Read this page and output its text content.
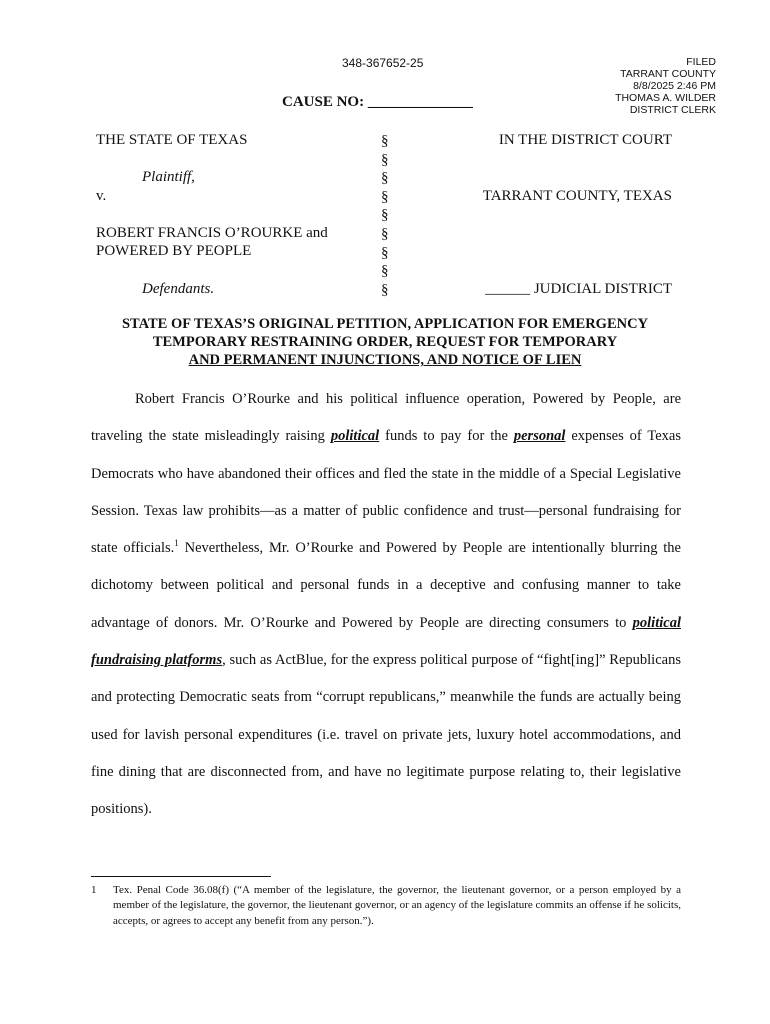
348-367652-25	FILED
TARRANT COUNTY
8/8/2025 2:46 PM
THOMAS A. WILDER
DISTRICT CLERK
CAUSE NO: ______________
THE STATE OF TEXAS
Plaintiff,
v.
ROBERT FRANCIS O’ROURKE and
POWERED BY PEOPLE
Defendants.
§
§
§
§
§
§
§
§
§
IN THE DISTRICT COURT
TARRANT COUNTY, TEXAS
______ JUDICIAL DISTRICT
STATE OF TEXAS’S ORIGINAL PETITION, APPLICATION FOR EMERGENCY
TEMPORARY RESTRAINING ORDER, REQUEST FOR TEMPORARY
AND PERMANENT INJUNCTIONS, AND NOTICE OF LIEN
Robert Francis O’Rourke and his political influence operation, Powered by People, are traveling the state misleadingly raising political funds to pay for the personal expenses of Texas Democrats who have abandoned their offices and fled the state in the middle of a Special Legislative Session. Texas law prohibits—as a matter of public confidence and trust—personal fundraising for state officials.$^1$ Nevertheless, Mr. O’Rourke and Powered by People are intentionally blurring the dichotomy between political and personal funds in a deceptive and confusing manner to take advantage of donors. Mr. O’Rourke and Powered by People are directing consumers to political fundraising platforms, such as ActBlue, for the express political purpose of “fight[ing]” Republicans and protecting Democratic seats from “corrupt republicans,” meanwhile the funds are actually being used for lavish personal expenditures (i.e. travel on private jets, luxury hotel accommodations, and fine dining that are disconnected from, and have no legitimate purpose relating to, their legislative positions).
1	Tex. Penal Code 36.08(f) (“A member of the legislature, the governor, the lieutenant governor, or a person employed by a member of the legislature, the governor, the lieutenant governor, or an agency of the legislature commits an offense if he solicits, accepts, or agrees to accept any benefit from any person.”).
